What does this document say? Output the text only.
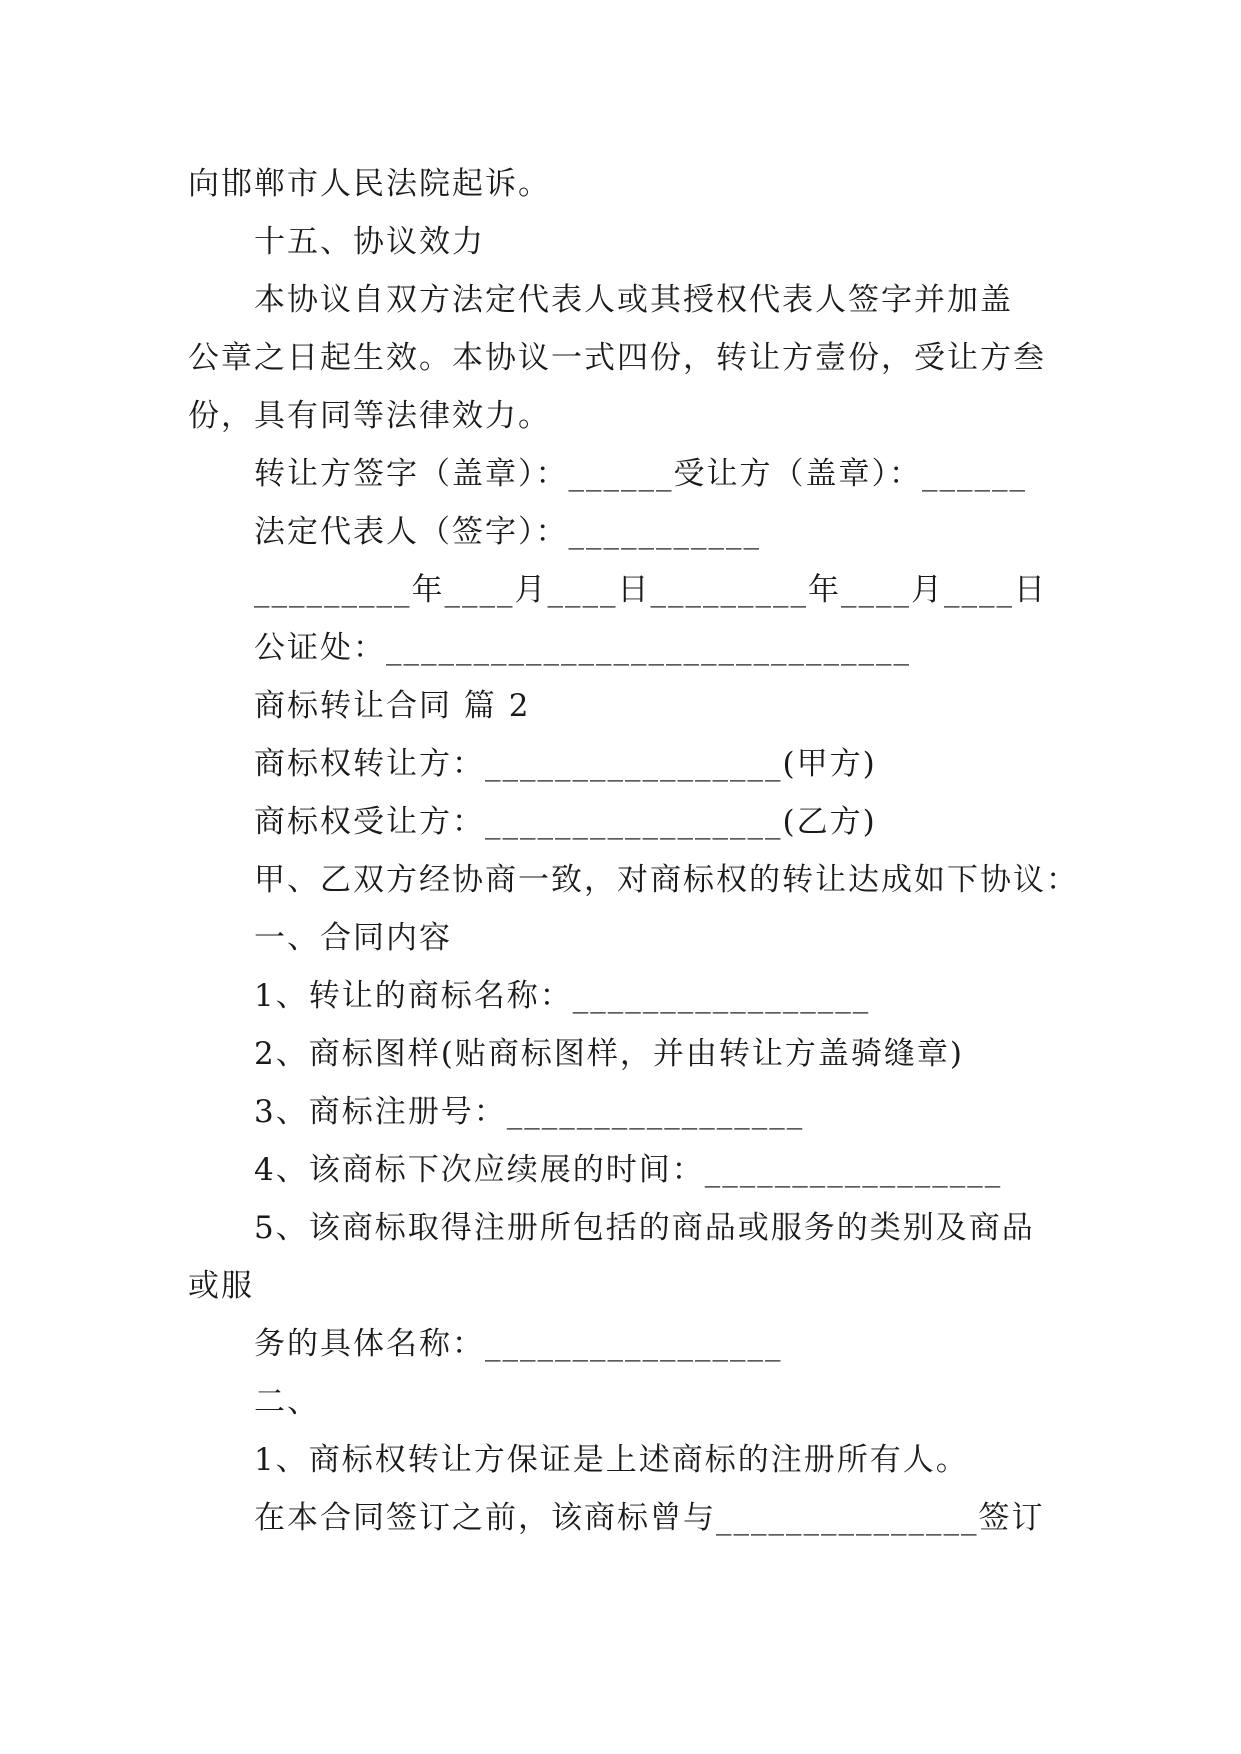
向邯郸市人民法院起诉。
十五、协议效力
本协议自双方法定代表人或其授权代表人签字并加盖
公章之日起生效。本协议一式四份，转让方壹份，受让方叁
份，具有同等法律效力。
转让方签字（盖章）：______受让方（盖章）：______
法定代表人（签字）：___________
_________年____月____日_________年____月____日
公证处：______________________________
商标转让合同 篇 2
商标权转让方：_________________(甲方)
商标权受让方：_________________(乙方)
甲、乙双方经协商一致，对商标权的转让达成如下协议：
一、合同内容
1、转让的商标名称：_________________
2、商标图样(贴商标图样，并由转让方盖骑缝章)
3、商标注册号：_________________
4、该商标下次应续展的时间：_________________
5、该商标取得注册所包括的商品或服务的类别及商品
或服
务的具体名称：_________________
二、
1、商标权转让方保证是上述商标的注册所有人。
在本合同签订之前，该商标曾与_______________签订
